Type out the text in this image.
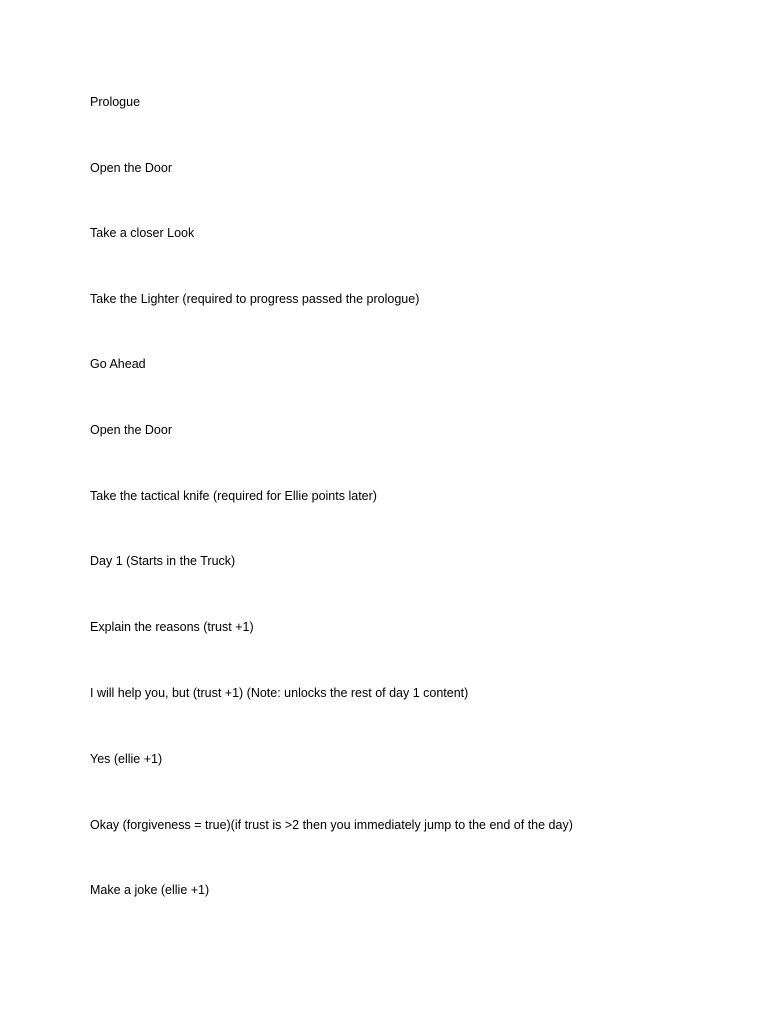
Prologue
Open the Door
Take a closer Look
Take the Lighter (required to progress passed the prologue)
Go Ahead
Open the Door
Take the tactical knife (required for Ellie points later)
Day 1 (Starts in the Truck)
Explain the reasons (trust +1)
I will help you, but (trust +1) (Note: unlocks the rest of day 1 content)
Yes (ellie +1)
Okay (forgiveness = true)(if trust is >2 then you immediately jump to the end of the day)
Make a joke (ellie +1)
